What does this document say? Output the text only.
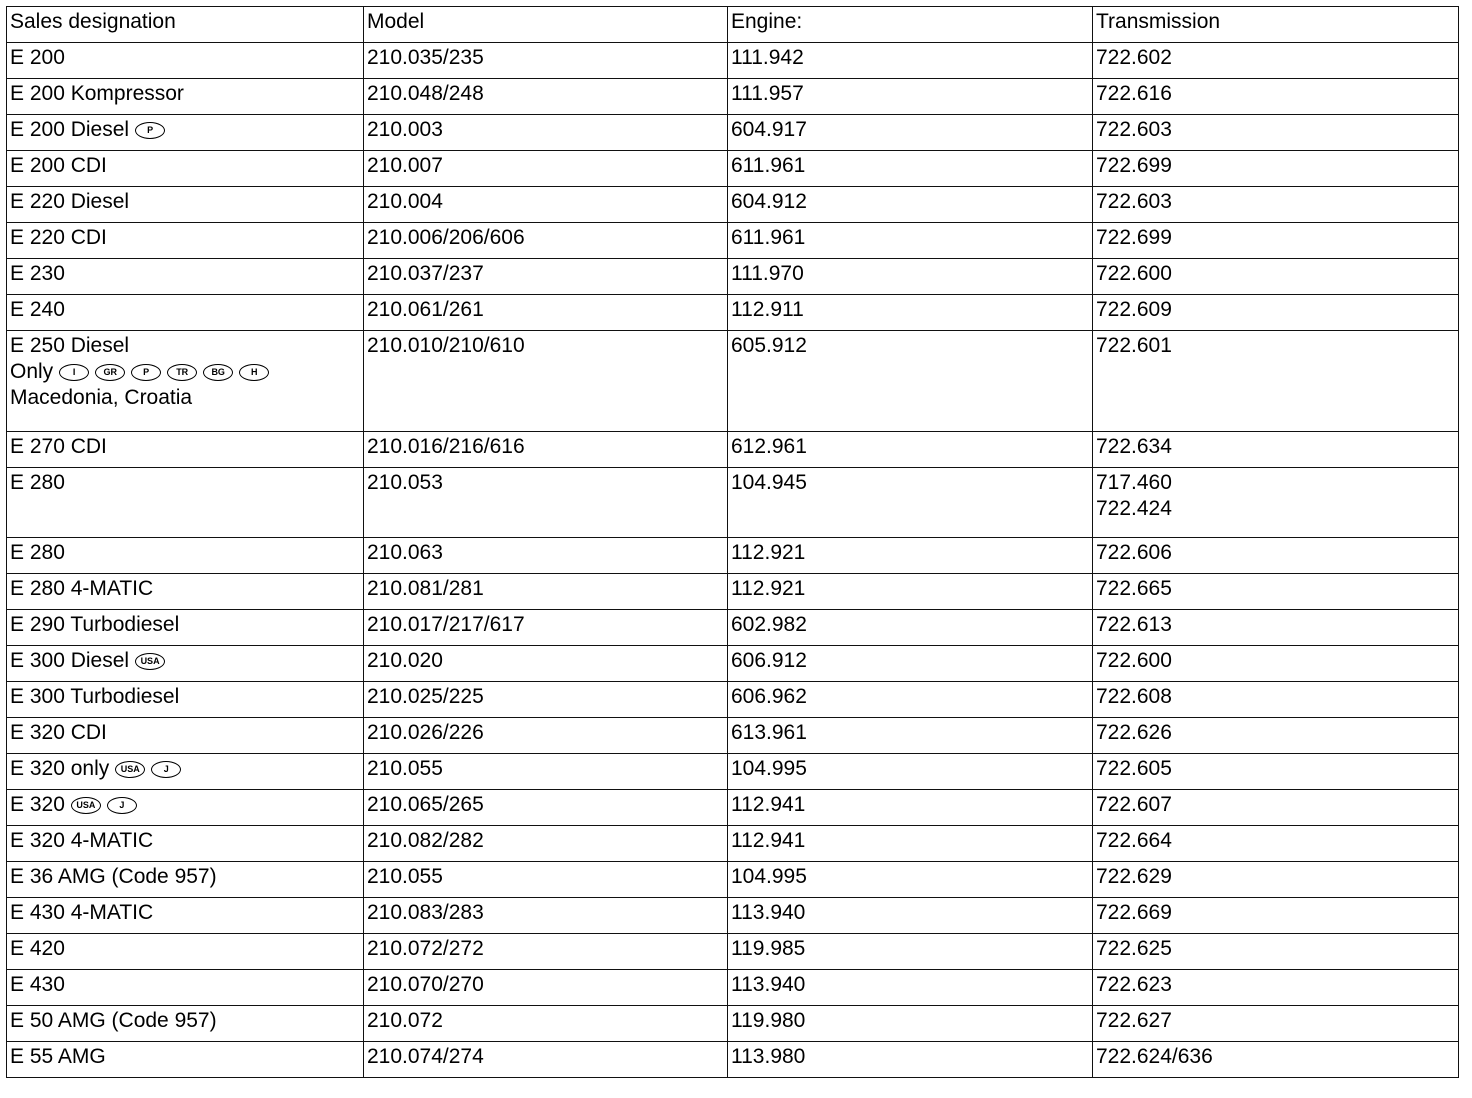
Sales designation	Model	Engine:	Transmission

E 200	210.035/235	111.942	722.602

E 200 Kompressor	210.048/248	111.957	722.616

E 200 Diesel P	210.003	604.917	722.603

E 200 CDI	210.007	611.961	722.699

E 220 Diesel	210.004	604.912	722.603

E 220 CDI	210.006/206/606	611.961	722.699

E 230	210.037/237	111.970	722.600

E 240	210.061/261	112.911	722.609

E 250 Diesel
Only I GR P TR BG H
Macedonia, Croatia	210.010/210/610	605.912	722.601

E 270 CDI	210.016/216/616	612.961	722.634

E 280	210.053	104.945	717.460
722.424

E 280	210.063	112.921	722.606

E 280 4-MATIC	210.081/281	112.921	722.665

E 290 Turbodiesel	210.017/217/617	602.982	722.613

E 300 Diesel USA	210.020	606.912	722.600

E 300 Turbodiesel	210.025/225	606.962	722.608

E 320 CDI	210.026/226	613.961	722.626

E 320 only USA J	210.055	104.995	722.605

E 320 USA J	210.065/265	112.941	722.607

E 320 4-MATIC	210.082/282	112.941	722.664

E 36 AMG (Code 957)	210.055	104.995	722.629

E 430 4-MATIC	210.083/283	113.940	722.669

E 420	210.072/272	119.985	722.625

E 430	210.070/270	113.940	722.623

E 50 AMG (Code 957)	210.072	119.980	722.627

E 55 AMG	210.074/274	113.980	722.624/636
